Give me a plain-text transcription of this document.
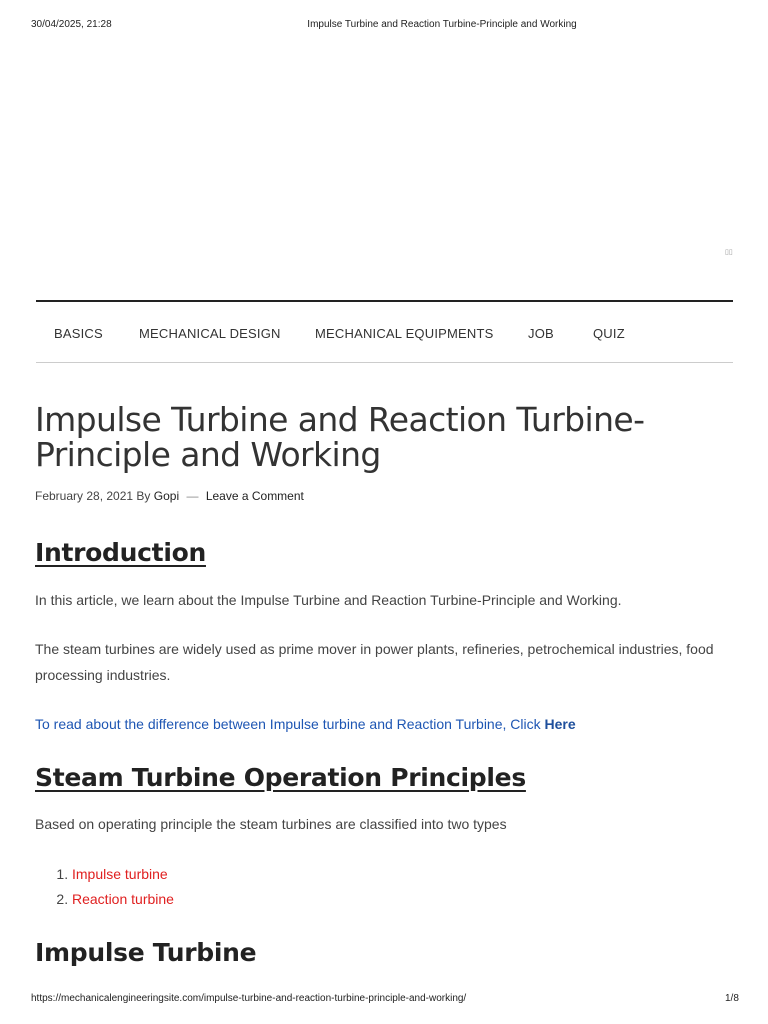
30/04/2025, 21:28	Impulse Turbine and Reaction Turbine-Principle and Working
▯▯
BASICS	MECHANICAL DESIGN	MECHANICAL EQUIPMENTS	JOB	QUIZ
Impulse Turbine and Reaction Turbine-Principle and Working
February 28, 2021 By Gopi — Leave a Comment
Introduction

In this article, we learn about the Impulse Turbine and Reaction Turbine-Principle and Working.

The steam turbines are widely used as prime mover in power plants, refineries, petrochemical industries, food processing industries.

To read about the difference between Impulse turbine and Reaction Turbine, Click Here

Steam Turbine Operation Principles

Based on operating principle the steam turbines are classified into two types

1. Impulse turbine
2. Reaction turbine
Impulse Turbine
https://mechanicalengineeringsite.com/impulse-turbine-and-reaction-turbine-principle-and-working/	1/8
